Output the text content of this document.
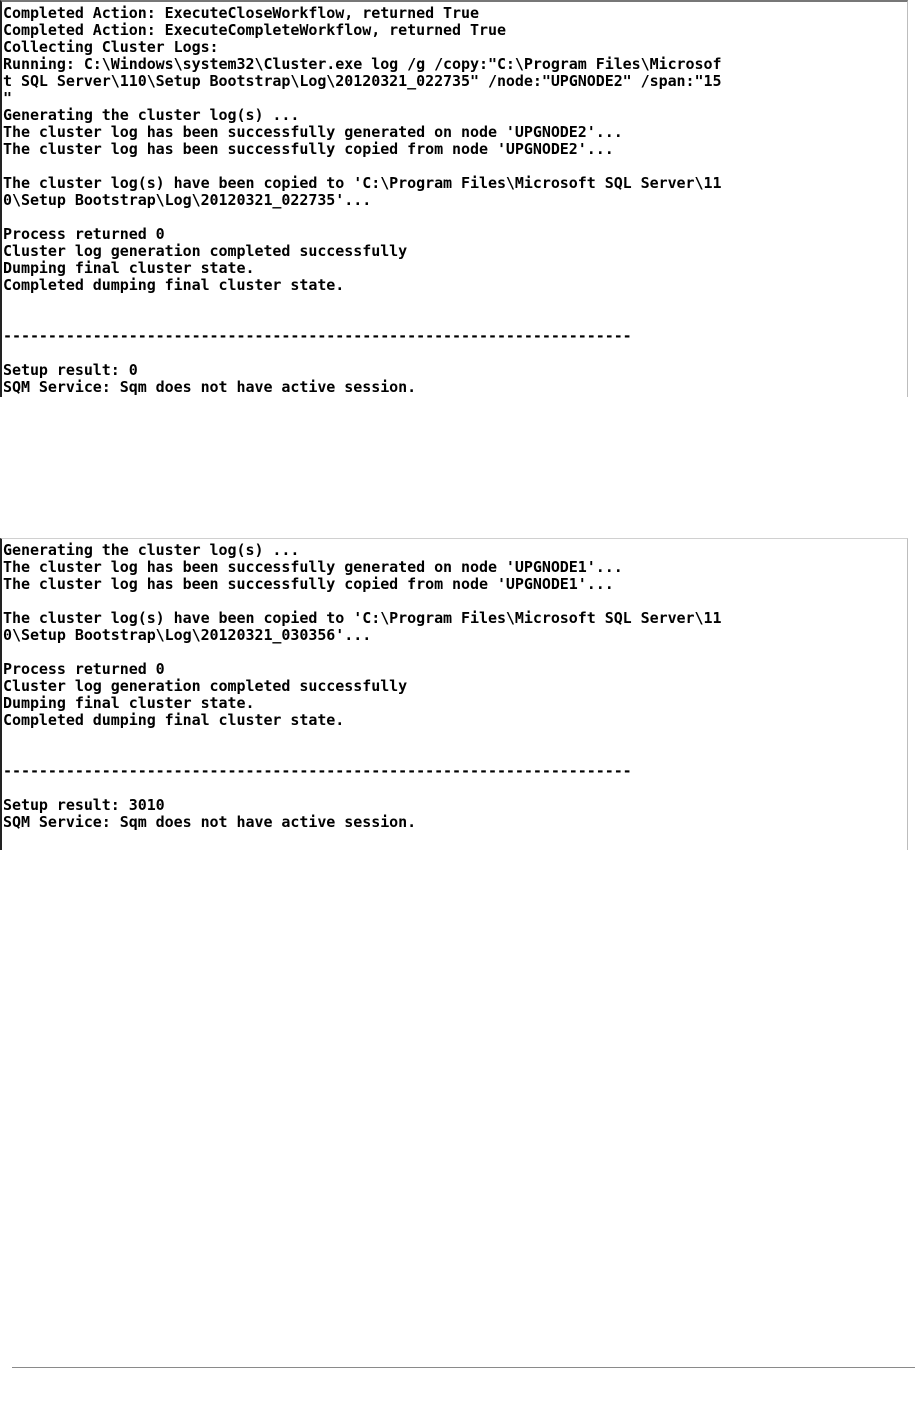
Completed Action: ExecuteCloseWorkflow, returned True
Completed Action: ExecuteCompleteWorkflow, returned True
Collecting Cluster Logs:
Running: C:\Windows\system32\Cluster.exe log /g /copy:"C:\Program Files\Microsof
t SQL Server\110\Setup Bootstrap\Log\20120321_022735" /node:"UPGNODE2" /span:"15
"
Generating the cluster log(s) ...
The cluster log has been successfully generated on node 'UPGNODE2'...
The cluster log has been successfully copied from node 'UPGNODE2'...
The cluster log(s) have been copied to 'C:\Program Files\Microsoft SQL Server\11
0\Setup Bootstrap\Log\20120321_022735'...
Process returned 0
Cluster log generation completed successfully
Dumping final cluster state.
Completed dumping final cluster state.
----------------------------------------------------------------------
Setup result: 0
SQM Service: Sqm does not have active session.
Generating the cluster log(s) ...
The cluster log has been successfully generated on node 'UPGNODE1'...
The cluster log has been successfully copied from node 'UPGNODE1'...
The cluster log(s) have been copied to 'C:\Program Files\Microsoft SQL Server\11
0\Setup Bootstrap\Log\20120321_030356'...
Process returned 0
Cluster log generation completed successfully
Dumping final cluster state.
Completed dumping final cluster state.
----------------------------------------------------------------------
Setup result: 3010
SQM Service: Sqm does not have active session.
